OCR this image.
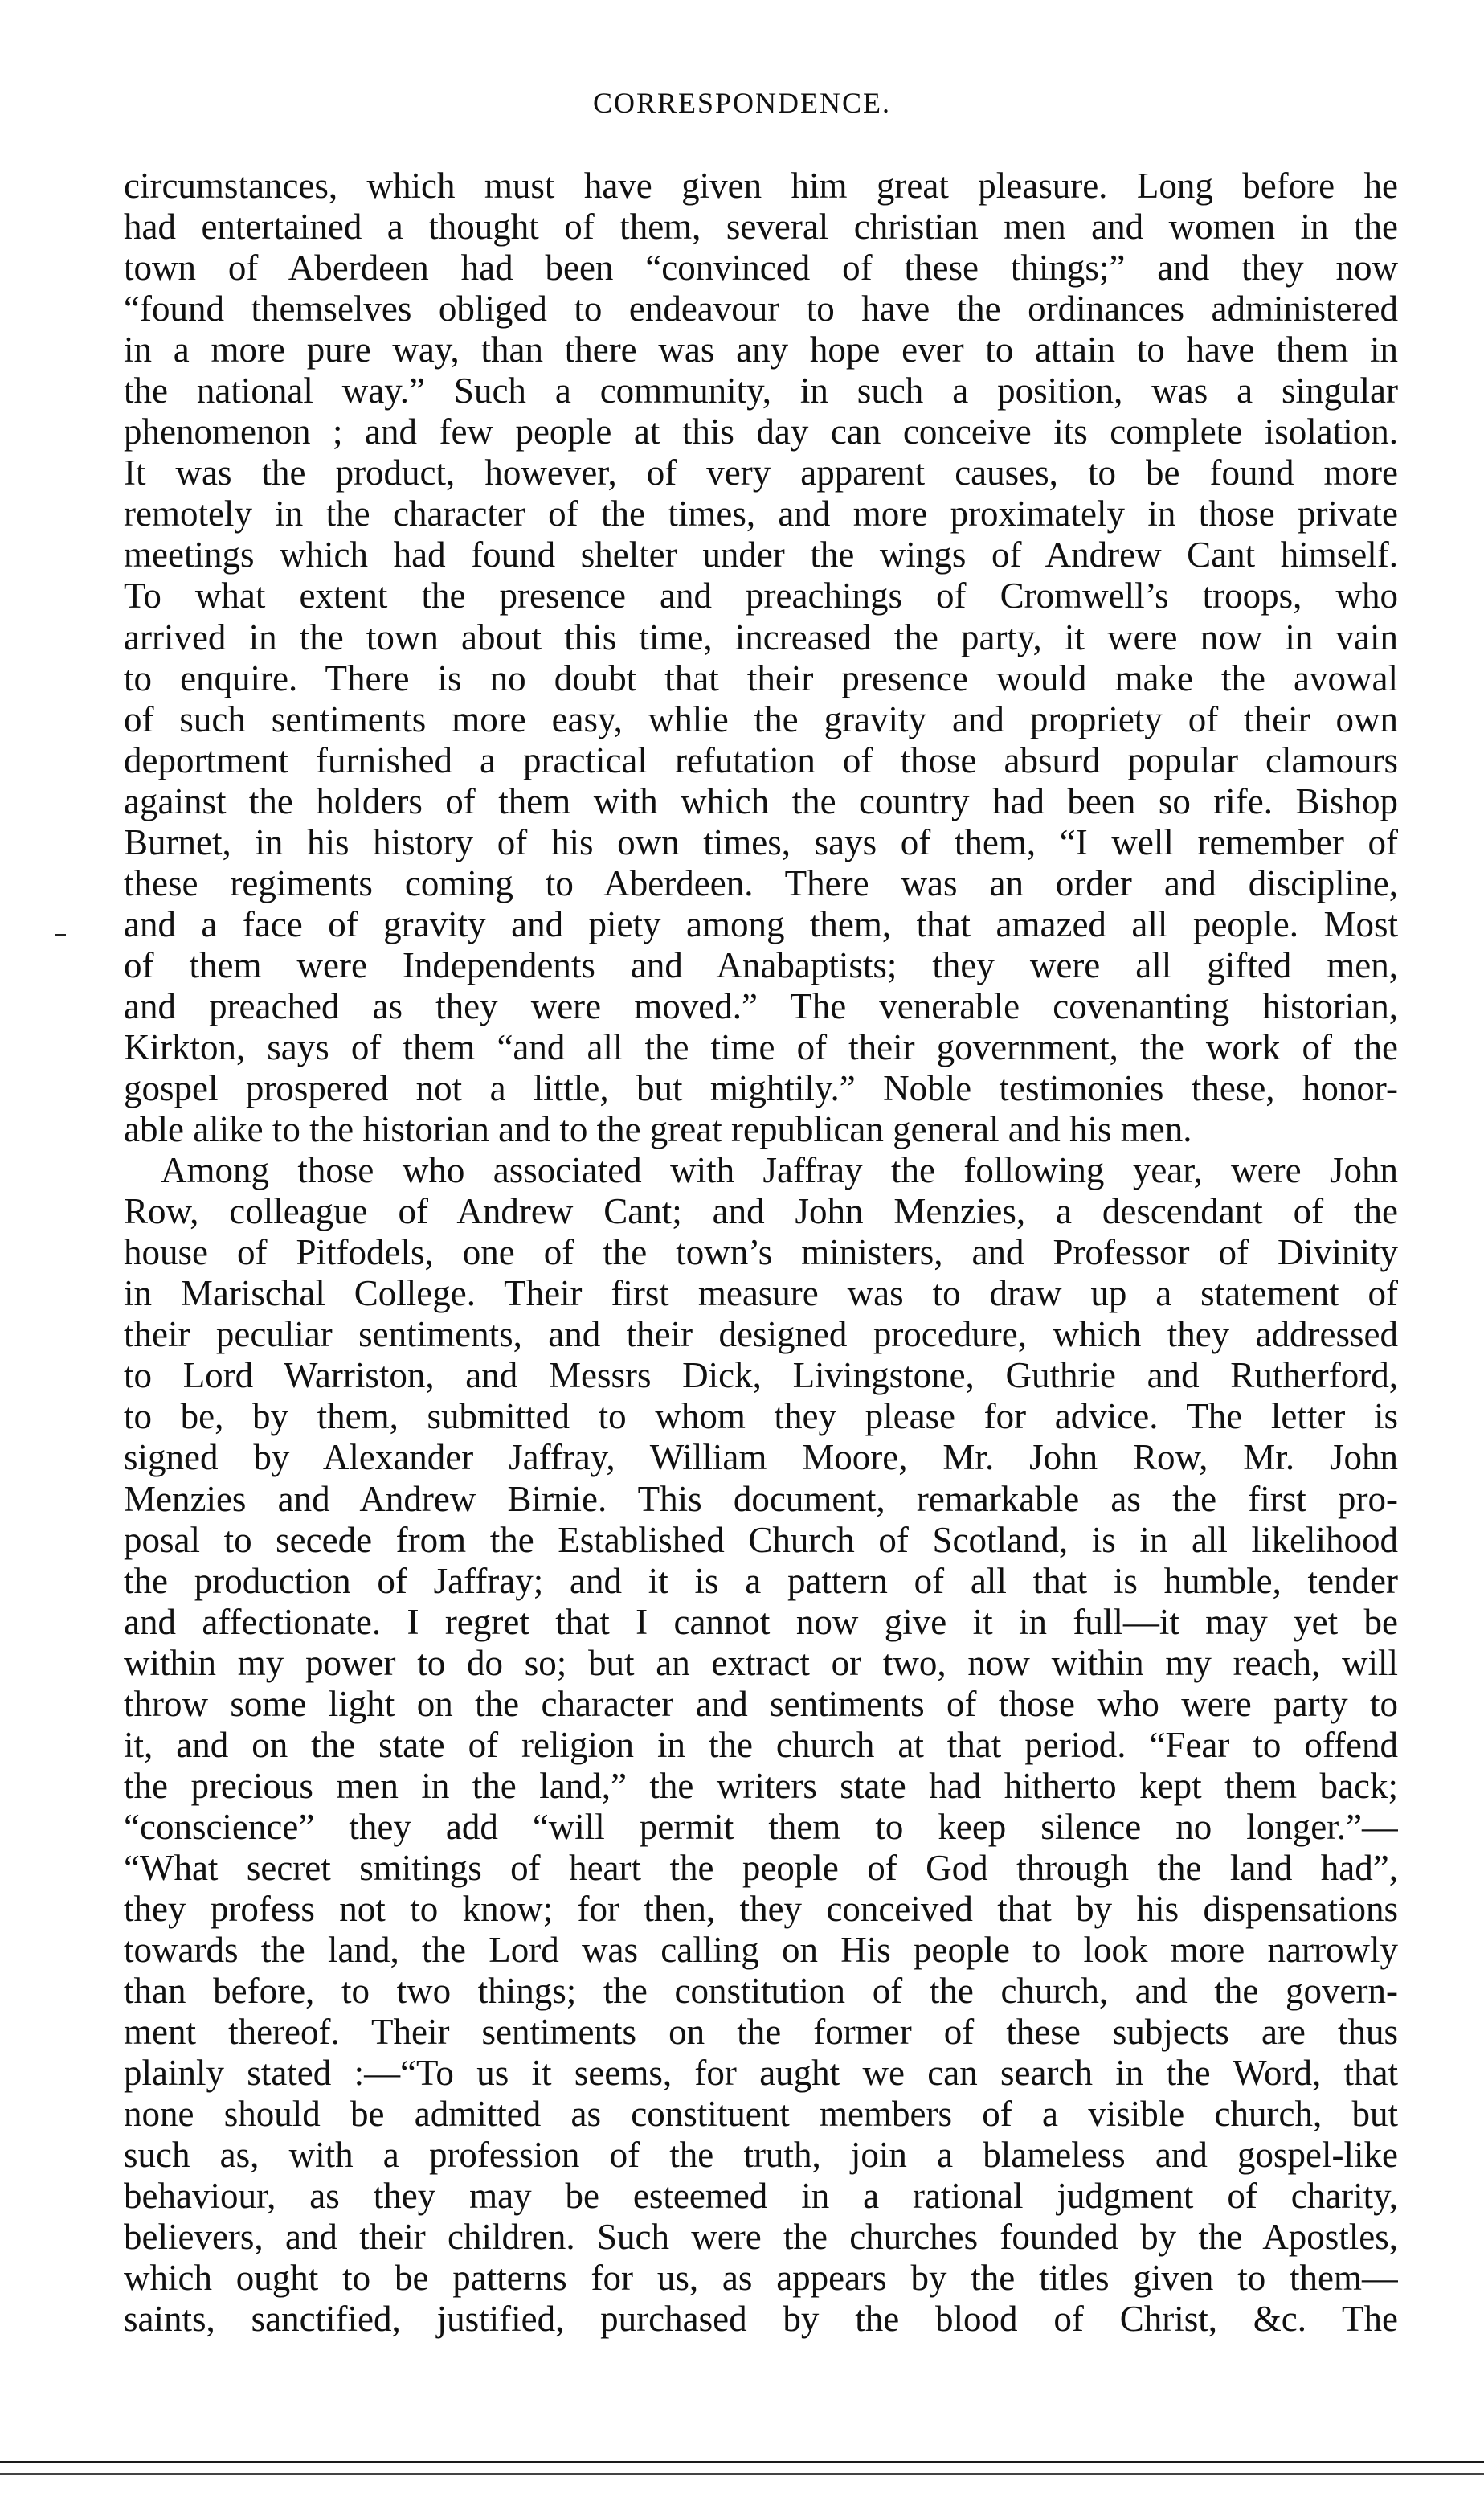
CORRESPONDENCE.
circumstances, which must have given him great pleasure. Long before he
had entertained a thought of them, several christian men and women in the
town of Aberdeen had been “convinced of these things;” and they now
“found themselves obliged to endeavour to have the ordinances administered
in a more pure way, than there was any hope ever to attain to have them in
the national way.” Such a community, in such a position, was a singular
phenomenon ; and few people at this day can conceive its complete isolation.
It was the product, however, of very apparent causes, to be found more
remotely in the character of the times, and more proximately in those private
meetings which had found shelter under the wings of Andrew Cant himself.
To what extent the presence and preachings of Cromwell’s troops, who
arrived in the town about this time, increased the party, it were now in vain
to enquire. There is no doubt that their presence would make the avowal
of such sentiments more easy, whlie the gravity and propriety of their own
deportment furnished a practical refutation of those absurd popular clamours
against the holders of them with which the country had been so rife. Bishop
Burnet, in his history of his own times, says of them, “I well remember of
these regiments coming to Aberdeen. There was an order and discipline,
and a face of gravity and piety among them, that amazed all people. Most
of them were Independents and Anabaptists; they were all gifted men,
and preached as they were moved.” The venerable covenanting historian,
Kirkton, says of them “and all the time of their government, the work of the
gospel prospered not a little, but mightily.” Noble testimonies these, honor-
able alike to the historian and to the great republican general and his men.
Among those who associated with Jaffray the following year, were John
Row, colleague of Andrew Cant; and John Menzies, a descendant of the
house of Pitfodels, one of the town’s ministers, and Professor of Divinity
in Marischal College. Their first measure was to draw up a statement of
their peculiar sentiments, and their designed procedure, which they addressed
to Lord Warriston, and Messrs Dick, Livingstone, Guthrie and Rutherford,
to be, by them, submitted to whom they please for advice. The letter is
signed by Alexander Jaffray, William Moore, Mr. John Row, Mr. John
Menzies and Andrew Birnie. This document, remarkable as the first pro-
posal to secede from the Established Church of Scotland, is in all likelihood
the production of Jaffray; and it is a pattern of all that is humble, tender
and affectionate. I regret that I cannot now give it in full—it may yet be
within my power to do so; but an extract or two, now within my reach, will
throw some light on the character and sentiments of those who were party to
it, and on the state of religion in the church at that period. “Fear to offend
the precious men in the land,” the writers state had hitherto kept them back;
“conscience” they add “will permit them to keep silence no longer.”—
“What secret smitings of heart the people of God through the land had”,
they profess not to know; for then, they conceived that by his dispensations
towards the land, the Lord was calling on His people to look more narrowly
than before, to two things; the constitution of the church, and the govern-
ment thereof. Their sentiments on the former of these subjects are thus
plainly stated :—“To us it seems, for aught we can search in the Word, that
none should be admitted as constituent members of a visible church, but
such as, with a profession of the truth, join a blameless and gospel-like
behaviour, as they may be esteemed in a rational judgment of charity,
believers, and their children. Such were the churches founded by the Apostles,
which ought to be patterns for us, as appears by the titles given to them—
saints, sanctified, justified, purchased by the blood of Christ, &c. The
